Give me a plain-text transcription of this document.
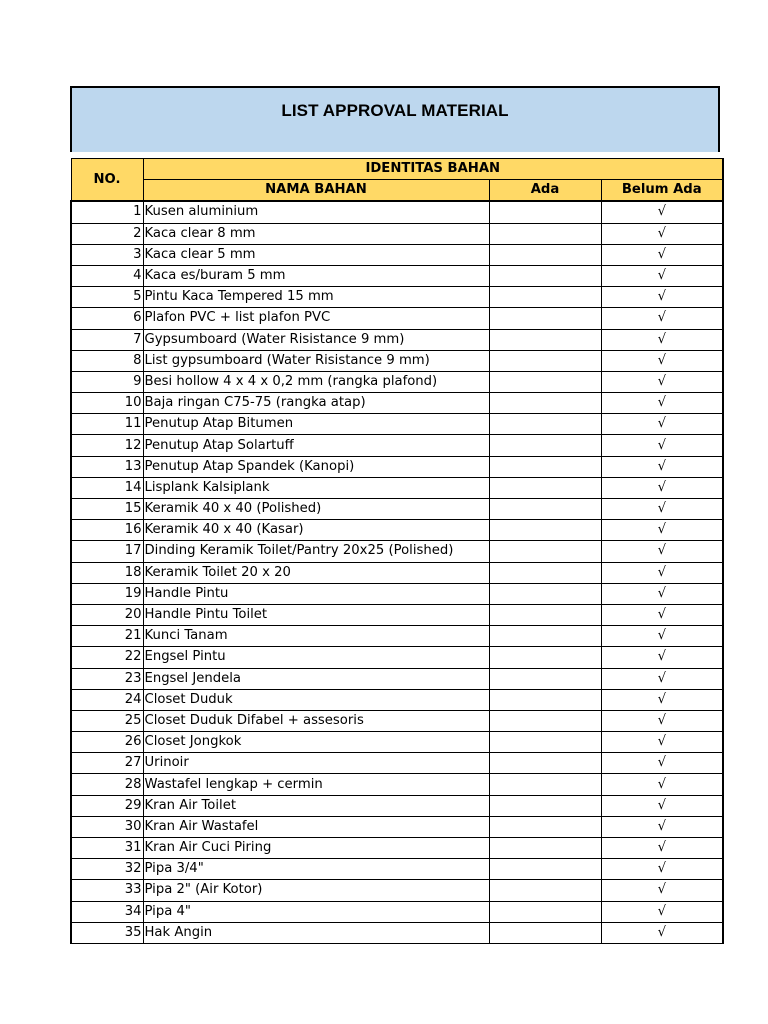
LIST APPROVAL MATERIAL
NO.	IDENTITAS BAHAN		
	NAMA BAHAN	Ada	Belum Ada
1	Kusen aluminium		√
2	Kaca clear 8 mm		√
3	Kaca clear 5 mm		√
4	Kaca es/buram 5 mm		√
5	Pintu Kaca Tempered 15 mm		√
6	Plafon PVC + list plafon PVC		√
7	Gypsumboard (Water Risistance 9 mm)		√
8	List gypsumboard (Water Risistance 9 mm)		√
9	Besi hollow 4 x 4 x 0,2 mm (rangka plafond)		√
10	Baja ringan C75-75 (rangka atap)		√
11	Penutup Atap Bitumen		√
12	Penutup Atap Solartuff		√
13	Penutup Atap Spandek (Kanopi)		√
14	Lisplank Kalsiplank		√
15	Keramik 40 x 40 (Polished)		√
16	Keramik 40 x 40 (Kasar)		√
17	Dinding Keramik Toilet/Pantry 20x25 (Polished)		√
18	Keramik Toilet 20 x 20		√
19	Handle Pintu		√
20	Handle Pintu Toilet		√
21	Kunci Tanam		√
22	Engsel Pintu		√
23	Engsel Jendela		√
24	Closet Duduk		√
25	Closet Duduk Difabel + assesoris		√
26	Closet Jongkok		√
27	Urinoir		√
28	Wastafel lengkap + cermin		√
29	Kran Air Toilet		√
30	Kran Air Wastafel		√
31	Kran Air Cuci Piring		√
32	Pipa 3/4"		√
33	Pipa 2" (Air Kotor)		√
34	Pipa 4"		√
35	Hak Angin		√
